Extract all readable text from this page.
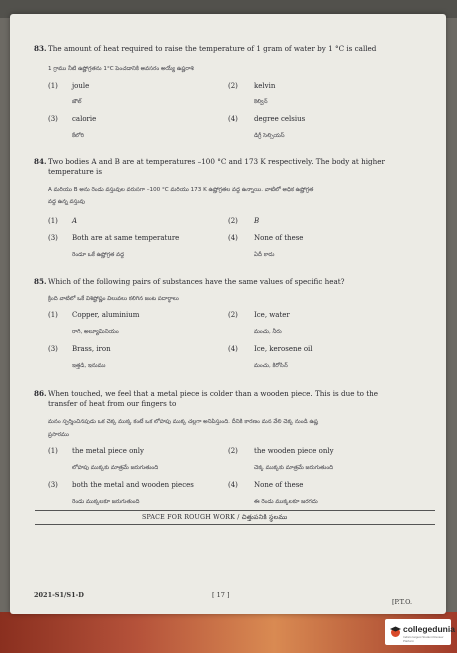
83. The amount of heat required to raise the temperature of 1 gram of water by 1 °C is called
1 గ్రాము నీటి ఉష్ణోగ్రతను 1°C పెంచడానికి అవసరం అయ్యే ఉష్ణరాశి
(1) joule
జౌల్
(2) kelvin
కెల్విన్
(3) calorie
కేలోరి
(4) degree celsius
డిగ్రీ సెల్సియస్
84. Two bodies A and B are at temperatures –100 °C and 173 K respectively. The body at higher
temperature is
A మరియు B అను రెండు వస్తువుల వరుసగా –100 °C మరియు 173 K ఉష్ణోగ్రతల వద్ద ఉన్నాయి. వాటిలో అధిక ఉష్ణోగ్రత
వద్ద ఉన్న వస్తువు
(1) A	(2) B
(3) Both are at same temperature
రెండూ ఒకే ఉష్ణోగ్రత వద్ద
(4) None of these
ఏదీ కాదు
85. Which of the following pairs of substances have the same values of specific heat?
క్రింది వాటిలో ఒకే విశిష్టోష్ణం విలువలు కలిగిన జంట పదార్థాలు
(1) Copper, aluminium
రాగి, అల్యూమినియం
(2) Ice, water
మంచు, నీరు
(3) Brass, iron
ఇత్తడి, ఇనుము
(4) Ice, kerosene oil
మంచు, కిరోసిన్
86. When touched, we feel that a metal piece is colder than a wooden piece. This is due to the
transfer of heat from our fingers to
మనం స్పర్శించినపుడు ఒక చెక్క ముక్క కంటే ఒక లోహపు ముక్క చల్లగా అనిపిస్తుంది. దీనికి కారణం మన వేలి చెక్క నుండి ఉష్ణ
ప్రసారము
(1) the metal piece only
లోహపు ముక్కకు మాత్రమే జరుగుతుంది
(2) the wooden piece only
చెక్క ముక్కకు మాత్రమే జరుగుతుంది
(3) both the metal and wooden pieces
రెండు ముక్కలకూ జరుగుతుంది
(4) None of these
ఈ రెండు ముక్కలకూ జరగదు
SPACE FOR ROUGH WORK / చిత్తుపనికి స్థలము
2021-S1/S1-D	[ 17 ]
[P.T.O.
collegedunia
India's largest Student Review Platform
